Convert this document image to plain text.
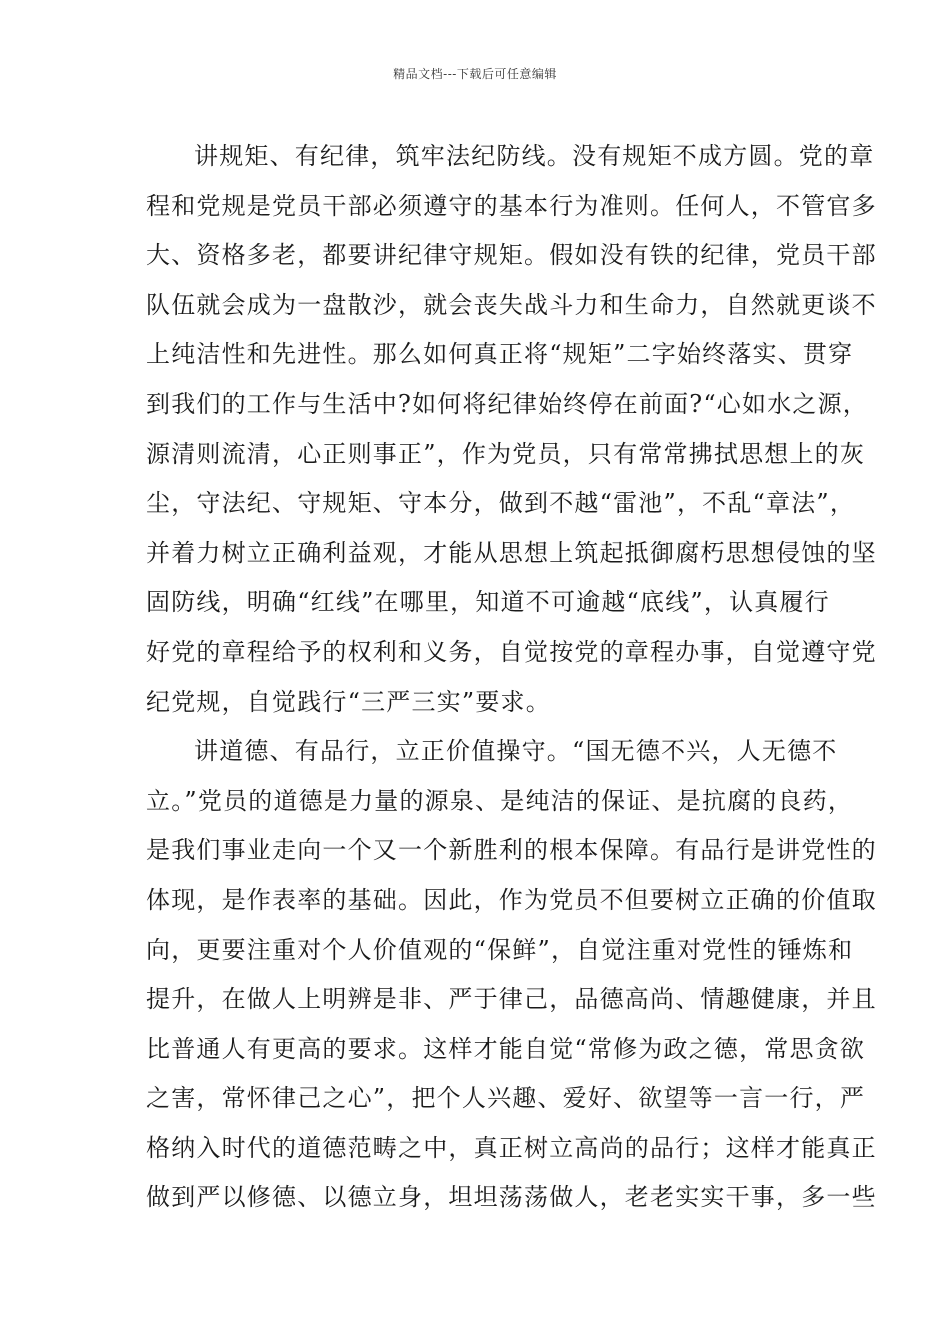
精品文档---下载后可任意编辑
讲规矩、有纪律，筑牢法纪防线。没有规矩不成方圆。党的章
程和党规是党员干部必须遵守的基本行为准则。任何人，不管官多
大、资格多老，都要讲纪律守规矩。假如没有铁的纪律，党员干部
队伍就会成为一盘散沙，就会丧失战斗力和生命力，自然就更谈不
上纯洁性和先进性。那么如何真正将“规矩”二字始终落实、贯穿
到我们的工作与生活中?如何将纪律始终停在前面?“心如水之源，
源清则流清，心正则事正”，作为党员，只有常常拂拭思想上的灰
尘，守法纪、守规矩、守本分，做到不越“雷池”，不乱“章法”，
并着力树立正确利益观，才能从思想上筑起抵御腐朽思想侵蚀的坚
固防线，明确“红线”在哪里，知道不可逾越“底线”，认真履行
好党的章程给予的权利和义务，自觉按党的章程办事，自觉遵守党
纪党规，自觉践行“三严三实”要求。
讲道德、有品行，立正价值操守。“国无德不兴，人无德不
立。”党员的道德是力量的源泉、是纯洁的保证、是抗腐的良药，
是我们事业走向一个又一个新胜利的根本保障。有品行是讲党性的
体现，是作表率的基础。因此，作为党员不但要树立正确的价值取
向，更要注重对个人价值观的“保鲜”，自觉注重对党性的锤炼和
提升，在做人上明辨是非、严于律己，品德高尚、情趣健康，并且
比普通人有更高的要求。这样才能自觉“常修为政之德，常思贪欲
之害，常怀律己之心”，把个人兴趣、爱好、欲望等一言一行，严
格纳入时代的道德范畴之中，真正树立高尚的品行；这样才能真正
做到严以修德、以德立身，坦坦荡荡做人，老老实实干事，多一些
